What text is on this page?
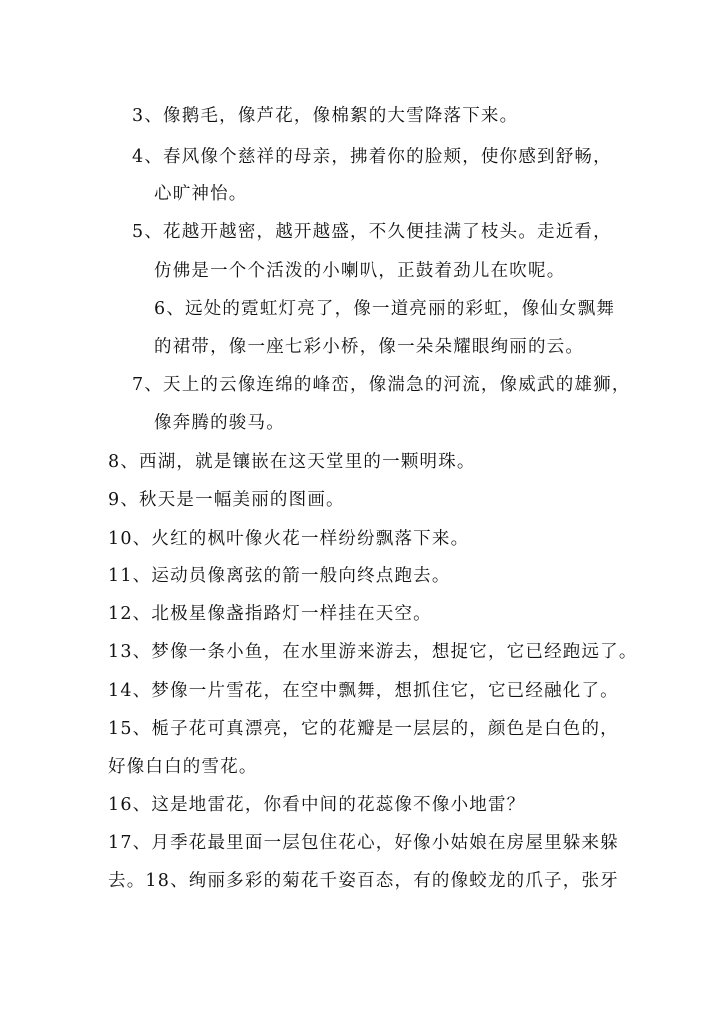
3、像鹅毛，像芦花，像棉絮的大雪降落下来。
4、春风像个慈祥的母亲，拂着你的脸颊，使你感到舒畅，
心旷神怡。
5、花越开越密，越开越盛，不久便挂满了枝头。走近看，
仿佛是一个个活泼的小喇叭，正鼓着劲儿在吹呢。
6、远处的霓虹灯亮了，像一道亮丽的彩虹，像仙女飘舞
的裙带，像一座七彩小桥，像一朵朵耀眼绚丽的云。
7、天上的云像连绵的峰峦，像湍急的河流，像威武的雄狮，
像奔腾的骏马。
8、西湖，就是镶嵌在这天堂里的一颗明珠。
9、秋天是一幅美丽的图画。
10、火红的枫叶像火花一样纷纷飘落下来。
11、运动员像离弦的箭一般向终点跑去。
12、北极星像盏指路灯一样挂在天空。
13、梦像一条小鱼，在水里游来游去，想捉它，它已经跑远了。
14、梦像一片雪花，在空中飘舞，想抓住它，它已经融化了。
15、栀子花可真漂亮，它的花瓣是一层层的，颜色是白色的，
好像白白的雪花。
16、这是地雷花，你看中间的花蕊像不像小地雷？
17、月季花最里面一层包住花心，好像小姑娘在房屋里躲来躲
去。18、绚丽多彩的菊花千姿百态，有的像蛟龙的爪子，张牙
